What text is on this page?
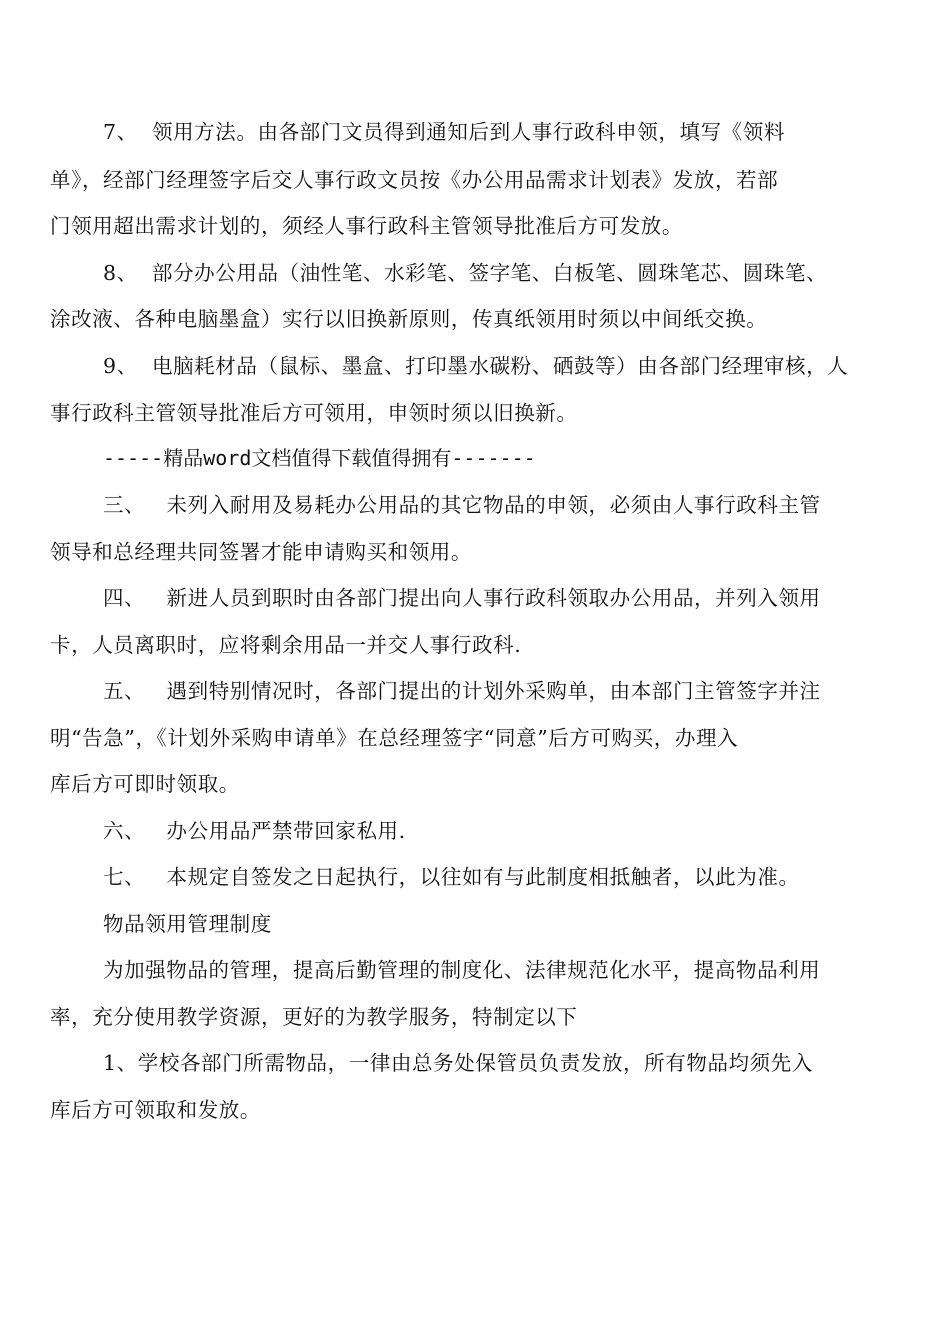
7、  领用方法。由各部门文员得到通知后到人事行政科申领，填写《领料
单》，经部门经理签字后交人事行政文员按《办公用品需求计划表》发放，若部
门领用超出需求计划的，须经人事行政科主管领导批准后方可发放。
8、  部分办公用品（油性笔、水彩笔、签字笔、白板笔、圆珠笔芯、圆珠笔、
涂改液、各种电脑墨盒）实行以旧换新原则，传真纸领用时须以中间纸交换。
9、  电脑耗材品（鼠标、墨盒、打印墨水碳粉、硒鼓等）由各部门经理审核，人
事行政科主管领导批准后方可领用，申领时须以旧换新。
-----精品word文档值得下载值得拥有-------
三、   未列入耐用及易耗办公用品的其它物品的申领，必须由人事行政科主管
领导和总经理共同签署才能申请购买和领用。
四、   新进人员到职时由各部门提出向人事行政科领取办公用品，并列入领用
卡，人员离职时，应将剩余用品一并交人事行政科.
五、   遇到特别情况时，各部门提出的计划外采购单，由本部门主管签字并注
明“告急”，《计划外采购申请单》在总经理签字“同意”后方可购买，办理入
库后方可即时领取。
六、   办公用品严禁带回家私用.
七、   本规定自签发之日起执行，以往如有与此制度相抵触者，以此为准。
物品领用管理制度
为加强物品的管理，提高后勤管理的制度化、法律规范化水平，提高物品利用
率，充分使用教学资源，更好的为教学服务，特制定以下
1、学校各部门所需物品，一律由总务处保管员负责发放，所有物品均须先入
库后方可领取和发放。
